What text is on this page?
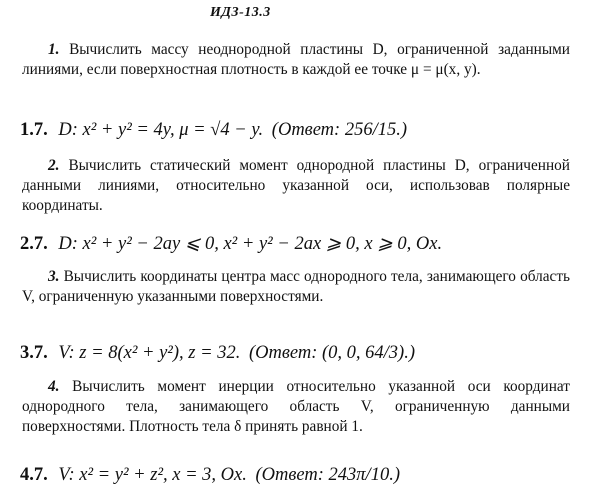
ИДЗ-13.3

1. Вычислить массу неоднородной пластины D, ограниченной заданными линиями, если поверхностная плотность в каждой ее точке μ = μ(x, y).

1.7. D: x² + y² = 4y, μ = √4 − y. (Ответ: 256/15.)

2. Вычислить статический момент однородной пластины D, ограниченной данными линиями, относительно указанной оси, использовав полярные координаты.

2.7. D: x² + y² − 2ay ⩽ 0, x² + y² − 2ax ⩾ 0, x ⩾ 0, Ox.

3. Вычислить координаты центра масс однородного тела, занимающего область V, ограниченную указанными поверхностями.

3.7. V: z = 8(x² + y²), z = 32. (Ответ: (0, 0, 64/3).)

4. Вычислить момент инерции относительно указанной оси координат однородного тела, занимающего область V, ограниченную данными поверхностями. Плотность тела δ принять равной 1.

4.7. V: x² = y² + z², x = 3, Ox. (Ответ: 243π/10.)
